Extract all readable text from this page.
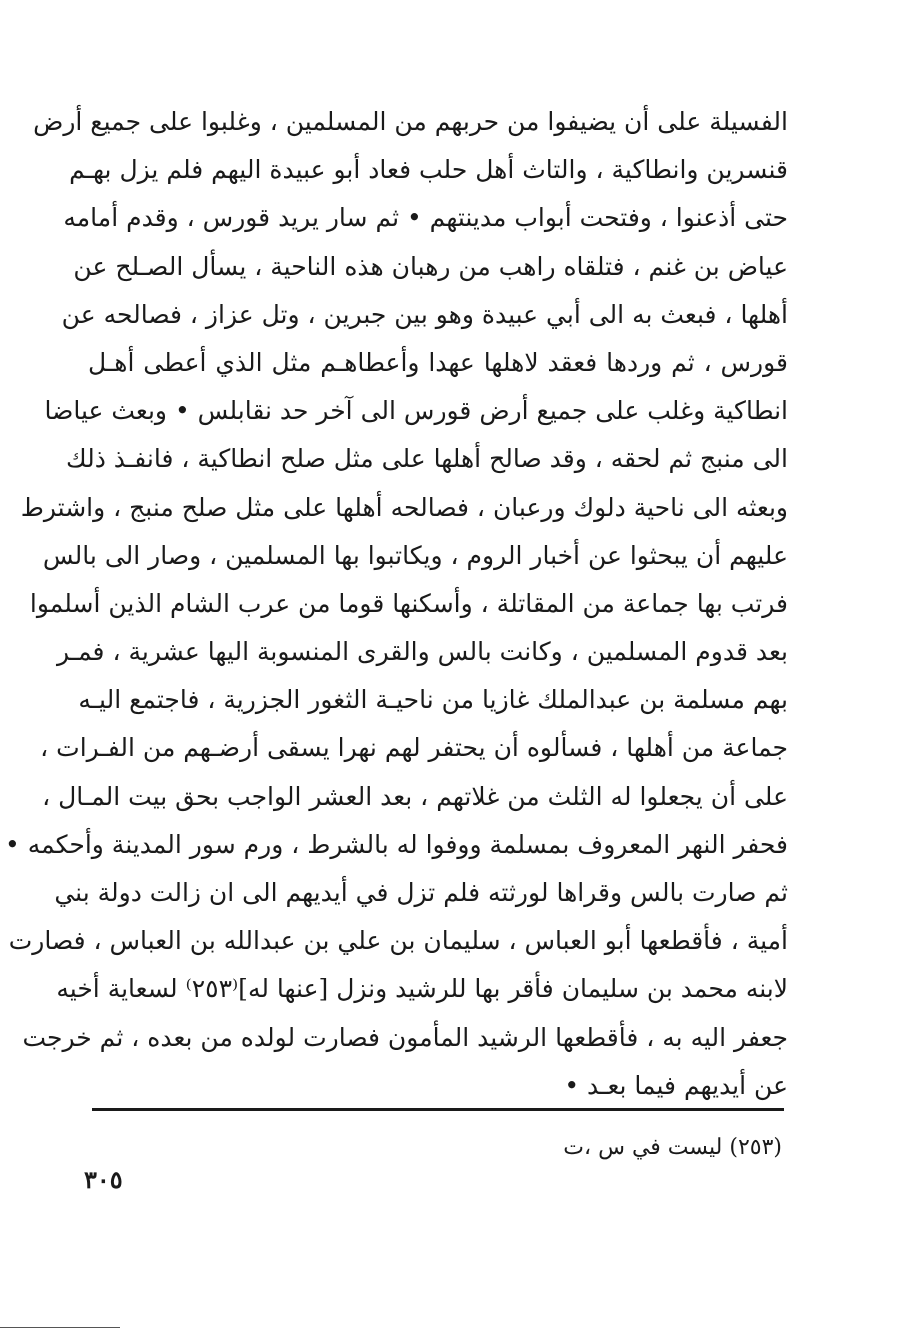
الفسيلة على أن يضيفوا من حربهم من المسلمين ، وغلبوا على جميع أرض
قنسرين وانطاكية ، والتاث أهل حلب فعاد أبو عبيدة اليهم فلم يزل بهـم
حتى أذعنوا ، وفتحت أبواب مدينتهم • ثم سار يريد قورس ، وقدم أمامه
عياض بن غنم ، فتلقاه راهب من رهبان هذه الناحية ، يسأل الصـلح عن
أهلها ، فبعث به الى أبي عبيدة وهو بين جبرين ، وتل عزاز ، فصالحه عن
قورس ، ثم وردها فعقد لاهلها عهدا وأعطاهـم مثل الذي أعطى أهـل
انطاكية وغلب على جميع أرض قورس الى آخر حد نقابلس • وبعث عياضا
الى منبج ثم لحقه ، وقد صالح أهلها على مثل صلح انطاكية ، فانفـذ ذلك
وبعثه الى ناحية دلوك ورعبان ، فصالحه أهلها على مثل صلح منبج ، واشترط
عليهم أن يبحثوا عن أخبار الروم ، ويكاتبوا بها المسلمين ، وصار الى بالس
فرتب بها جماعة من المقاتلة ، وأسكنها قوما من عرب الشام الذين أسلموا
بعد قدوم المسلمين ، وكانت بالس والقرى المنسوبة اليها عشرية ، فمـر
بهم مسلمة بن عبدالملك غازيا من ناحيـة الثغور الجزرية ، فاجتمع اليـه
جماعة من أهلها ، فسألوه أن يحتفر لهم نهرا يسقى أرضـهم من الفـرات ،
على أن يجعلوا له الثلث من غلاتهم ، بعد العشر الواجب بحق بيت المـال ،
فحفر النهر المعروف بمسلمة ووفوا له بالشرط ، ورم سور المدينة وأحكمه •
ثم صارت بالس وقراها لورثته فلم تزل في أيديهم الى ان زالت دولة بني
أمية ، فأقطعها أبو العباس ، سليمان بن علي بن عبدالله بن العباس ، فصارت
لابنه محمد بن سليمان فأقر بها للرشيد ونزل [عنها له]⁽٢٥٣⁾ لسعاية أخيه
جعفر اليه به ، فأقطعها الرشيد المأمون فصارت لولده من بعده ، ثم خرجت
عن أيديهم فيما بعـد •
(٢٥٣) ليست في س ،ت
٣٠٥
